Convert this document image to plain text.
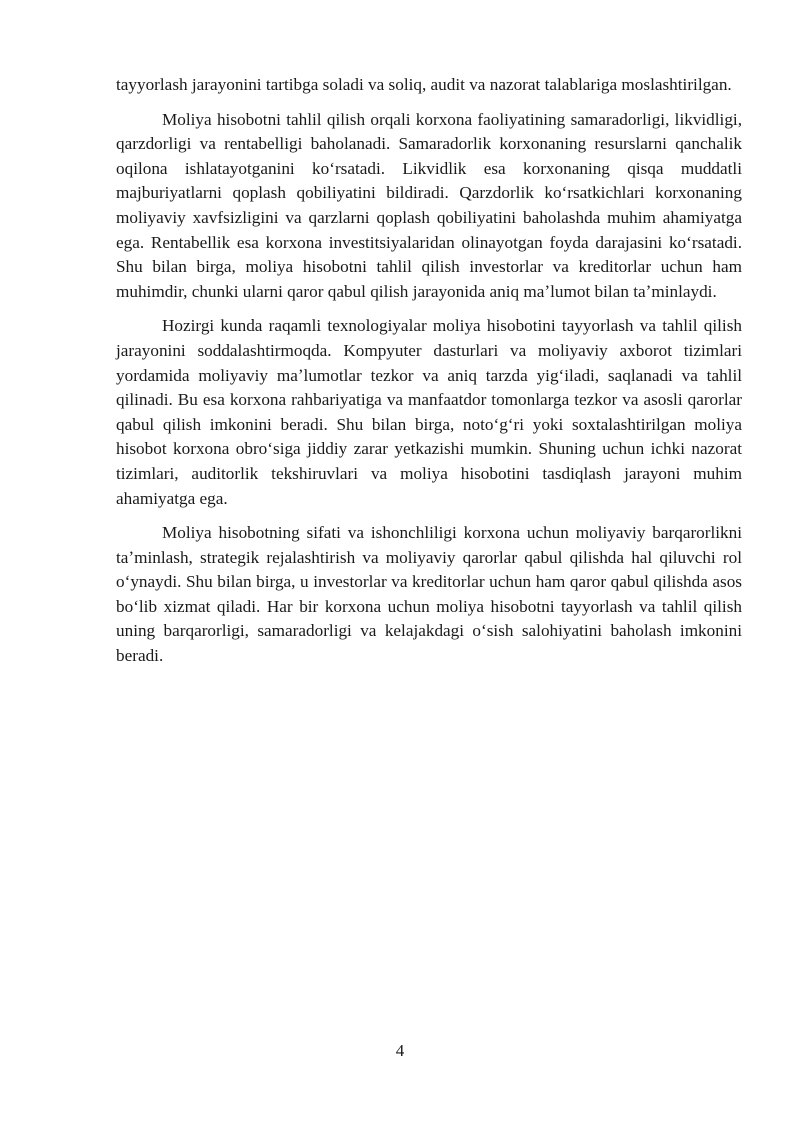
tayyorlash jarayonini tartibga soladi va soliq, audit va nazorat talablariga moslashtirilgan.

Moliya hisobotni tahlil qilish orqali korxona faoliyatining samaradorligi, likvidligi, qarzdorligi va rentabelligi baholanadi. Samaradorlik korxonaning resurslarni qanchalik oqilona ishlatayotganini koʻrsatadi. Likvidlik esa korxonaning qisqa muddatli majburiyatlarni qoplash qobiliyatini bildiradi. Qarzdorlik koʻrsatkichlari korxonaning moliyaviy xavfsizligini va qarzlarni qoplash qobiliyatini baholashda muhim ahamiyatga ega. Rentabellik esa korxona investitsiyalaridan olinayotgan foyda darajasini koʻrsatadi. Shu bilan birga, moliya hisobotni tahlil qilish investorlar va kreditorlar uchun ham muhimdir, chunki ularni qaror qabul qilish jarayonida aniq maʼlumot bilan taʼminlaydi.

Hozirgi kunda raqamli texnologiyalar moliya hisobotini tayyorlash va tahlil qilish jarayonini soddalashtirmoqda. Kompyuter dasturlari va moliyaviy axborot tizimlari yordamida moliyaviy maʼlumotlar tezkor va aniq tarzda yigʻiladi, saqlanadi va tahlil qilinadi. Bu esa korxona rahbariyatiga va manfaatdor tomonlarga tezkor va asosli qarorlar qabul qilish imkonini beradi. Shu bilan birga, notoʻgʻri yoki soxtalashtirilgan moliya hisobot korxona obroʻsiga jiddiy zarar yetkazishi mumkin. Shuning uchun ichki nazorat tizimlari, auditorlik tekshiruvlari va moliya hisobotini tasdiqlash jarayoni muhim ahamiyatga ega.

Moliya hisobotning sifati va ishonchliligi korxona uchun moliyaviy barqarorlikni taʼminlash, strategik rejalashtirish va moliyaviy qarorlar qabul qilishda hal qiluvchi rol oʻynaydi. Shu bilan birga, u investorlar va kreditorlar uchun ham qaror qabul qilishda asos boʻlib xizmat qiladi. Har bir korxona uchun moliya hisobotni tayyorlash va tahlil qilish uning barqarorligi, samaradorligi va kelajakdagi oʻsish salohiyatini baholash imkonini beradi.

4
